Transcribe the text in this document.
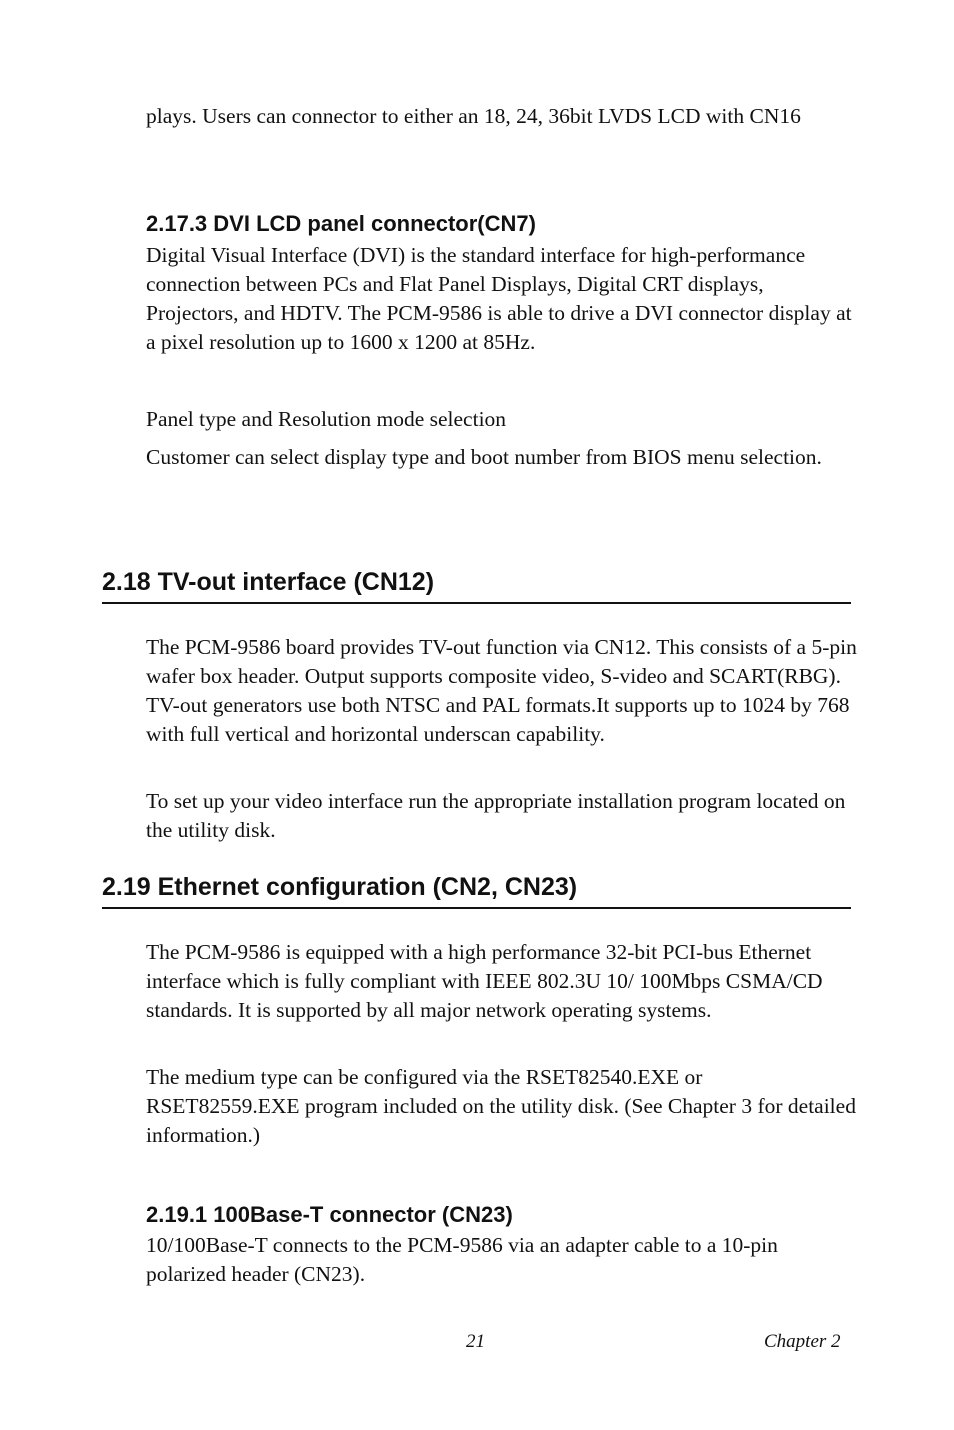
plays. Users can connector to either an 18, 24, 36bit LVDS LCD with CN16

2.17.3 DVI LCD panel connector(CN7)

Digital Visual Interface (DVI) is the standard interface for high-performance connection between PCs and Flat Panel Displays, Digital CRT displays, Projectors, and HDTV. The PCM-9586 is able to drive a DVI connector display at a pixel resolution up to 1600 x 1200 at 85Hz.

Panel type and Resolution mode selection

Customer can select display type and boot number from BIOS menu selection.

2.18 TV-out interface (CN12)

The PCM-9586 board provides TV-out function via CN12. This consists of a 5-pin wafer box header. Output supports composite video, S-video and SCART(RBG). TV-out generators use both NTSC and PAL formats.It supports up to 1024 by 768 with full vertical and horizontal underscan capability.

To set up your video interface run the appropriate installation program located on the utility disk.

2.19 Ethernet configuration (CN2, CN23)

The PCM-9586 is equipped with a high performance 32-bit PCI-bus Ethernet interface which is fully compliant with IEEE 802.3U 10/ 100Mbps CSMA/CD standards. It is supported by all major network operating systems.

The medium type can be configured via the RSET82540.EXE or RSET82559.EXE program included on the utility disk. (See Chapter 3 for detailed information.)

2.19.1 100Base-T connector (CN23)

10/100Base-T connects to the PCM-9586 via an adapter cable to a 10-pin polarized header (CN23).

21	Chapter 2
